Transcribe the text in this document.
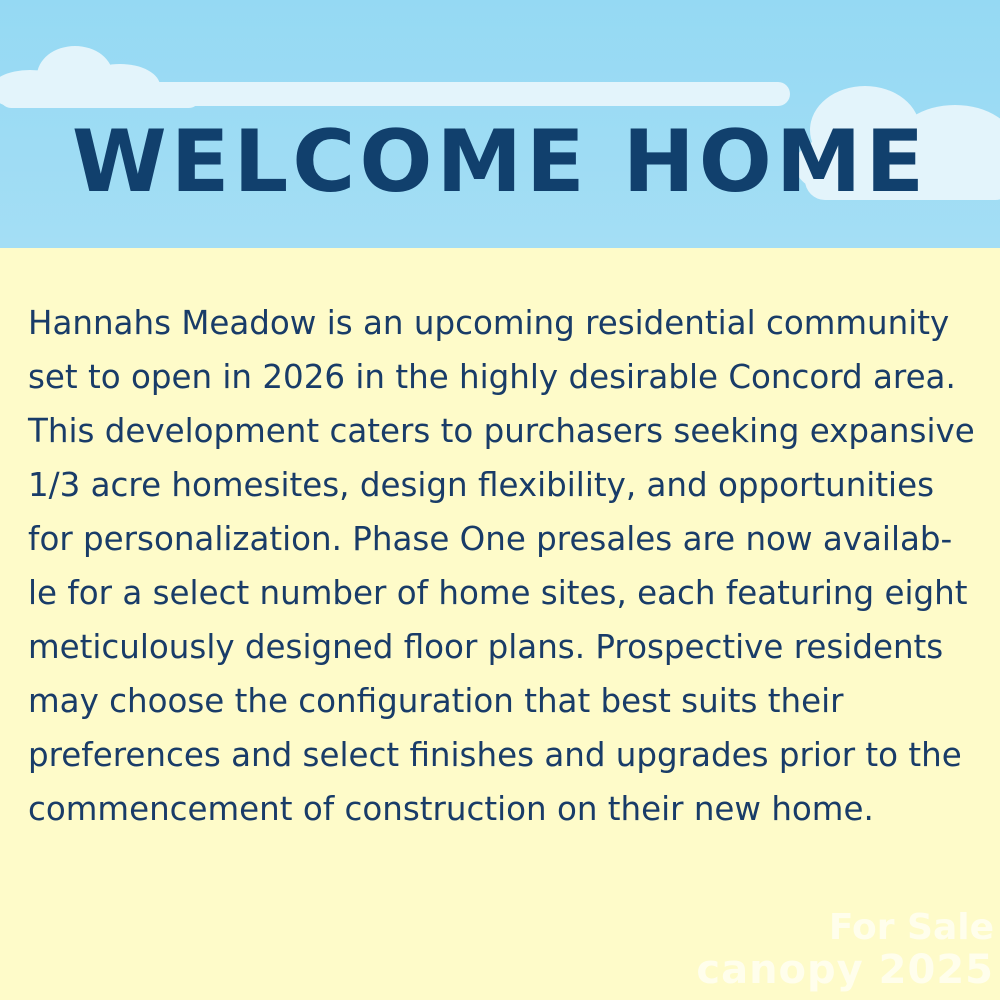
WELCOME HOME

Hannahs Meadow is an upcoming residential community
set to open in 2026 in the highly desirable Concord area.
This development caters to purchasers seeking expansive
1/3 acre homesites, design flexibility, and opportunities
for personalization. Phase One presales are now availab-
le for a select number of home sites, each featuring eight
meticulously designed floor plans. Prospective residents
may choose the configuration that best suits their
preferences and select finishes and upgrades prior to the
commencement of construction on their new home.

For Sale
canopy 2025
